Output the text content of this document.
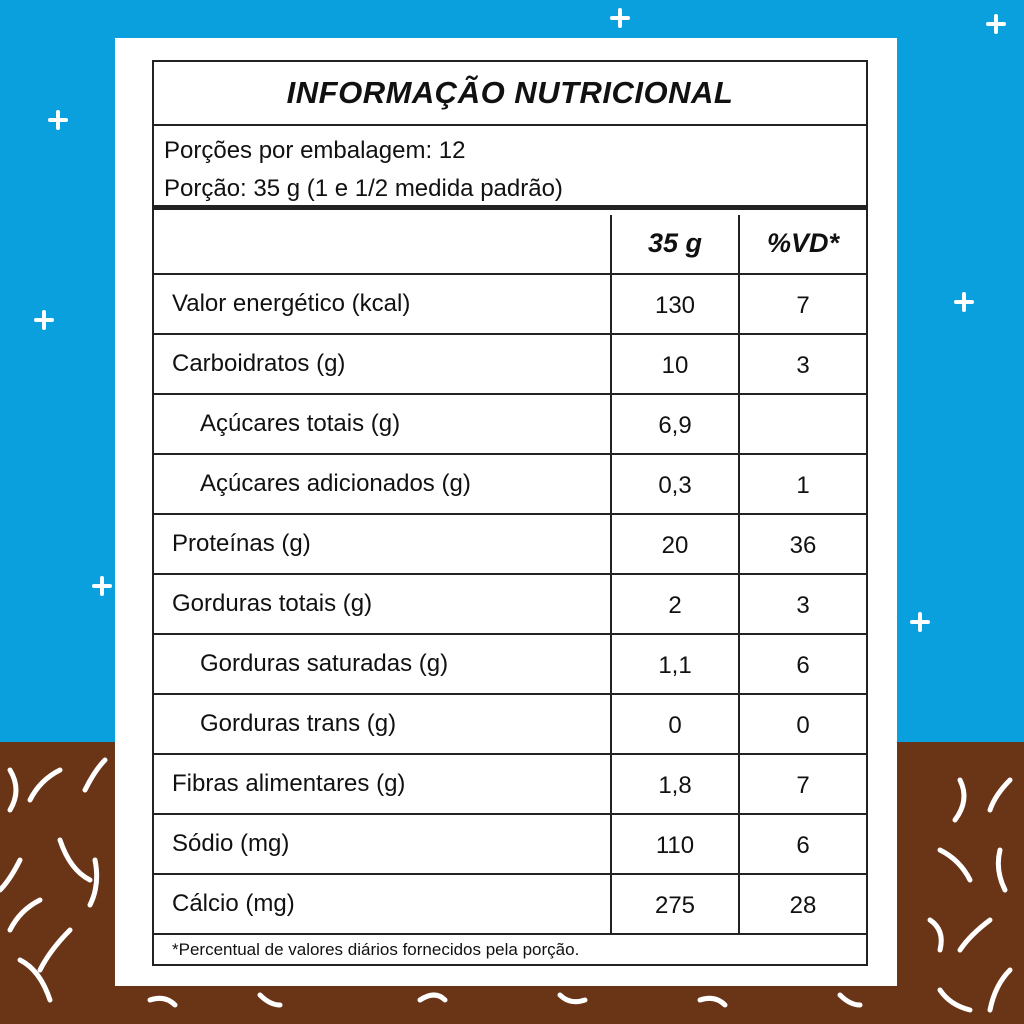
INFORMAÇÃO NUTRICIONAL
Porções por embalagem: 12
Porção: 35 g (1 e 1/2 medida padrão)
35 g	%VD*
Valor energético (kcal)	130	7
Carboidratos (g)	10	3
Açúcares totais (g)	6,9
Açúcares adicionados (g)	0,3	1
Proteínas (g)	20	36
Gorduras totais (g)	2	3
Gorduras saturadas (g)	1,1	6
Gorduras trans (g)	0	0
Fibras alimentares (g)	1,8	7
Sódio (mg)	110	6
Cálcio (mg)	275	28
*Percentual de valores diários fornecidos pela porção.
